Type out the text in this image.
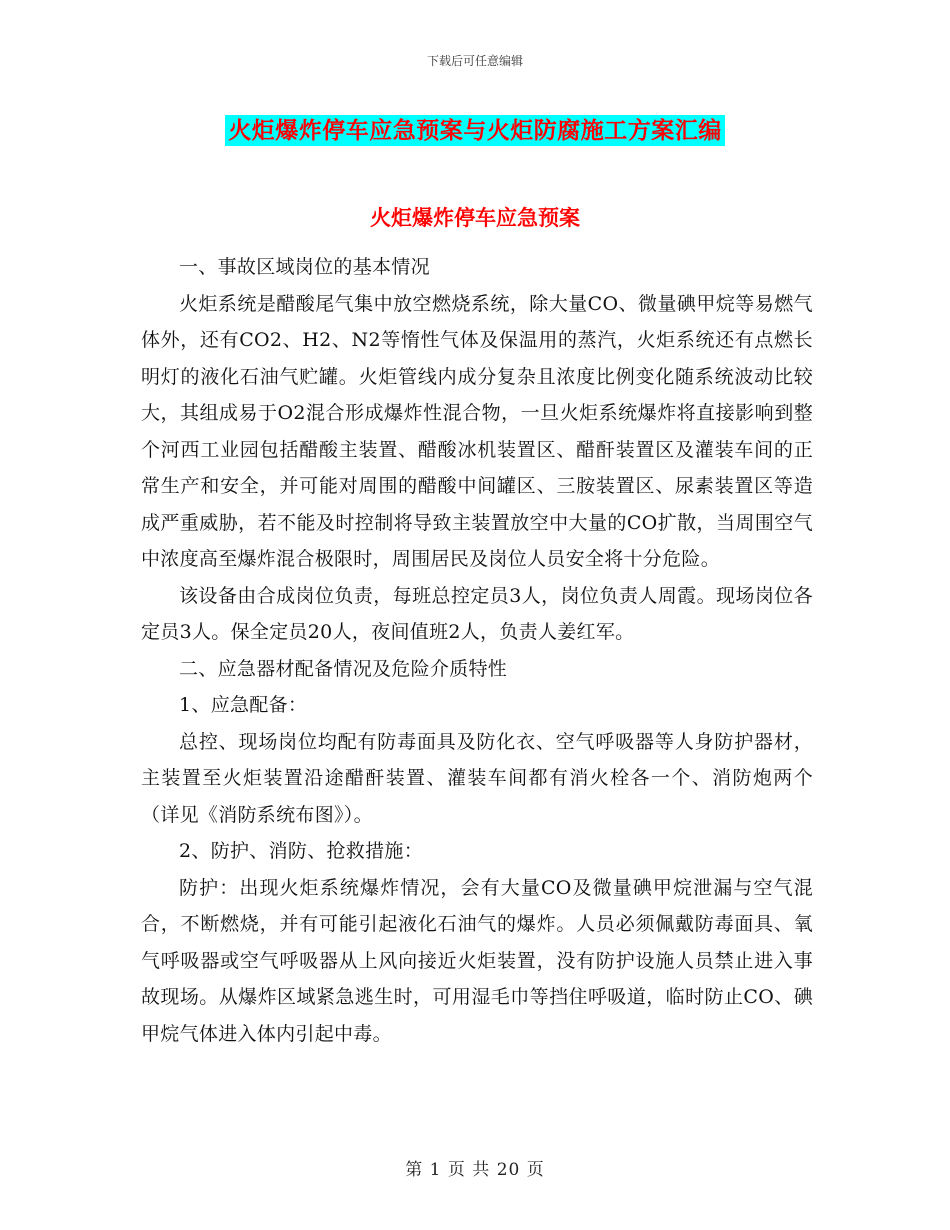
下载后可任意编辑
火炬爆炸停车应急预案与火炬防腐施工方案汇编
火炬爆炸停车应急预案

一、事故区域岗位的基本情况

火炬系统是醋酸尾气集中放空燃烧系统，除大量CO、微量碘甲烷等易燃气体外，还有CO2、H2、N2等惰性气体及保温用的蒸汽，火炬系统还有点燃长明灯的液化石油气贮罐。火炬管线内成分复杂且浓度比例变化随系统波动比较大，其组成易于O2混合形成爆炸性混合物，一旦火炬系统爆炸将直接影响到整个河西工业园包括醋酸主装置、醋酸冰机装置区、醋酐装置区及灌装车间的正常生产和安全，并可能对周围的醋酸中间罐区、三胺装置区、尿素装置区等造成严重威胁，若不能及时控制将导致主装置放空中大量的CO扩散，当周围空气中浓度高至爆炸混合极限时，周围居民及岗位人员安全将十分危险。

该设备由合成岗位负责，每班总控定员3人，岗位负责人周霞。现场岗位各定员3人。保全定员20人，夜间值班2人，负责人姜红军。

二、应急器材配备情况及危险介质特性

1、应急配备：

总控、现场岗位均配有防毒面具及防化衣、空气呼吸器等人身防护器材，主装置至火炬装置沿途醋酐装置、灌装车间都有消火栓各一个、消防炮两个（详见《消防系统布图》）。

2、防护、消防、抢救措施：

防护：出现火炬系统爆炸情况，会有大量CO及微量碘甲烷泄漏与空气混合，不断燃烧，并有可能引起液化石油气的爆炸。人员必须佩戴防毒面具、氧气呼吸器或空气呼吸器从上风向接近火炬装置，没有防护设施人员禁止进入事故现场。从爆炸区域紧急逃生时，可用湿毛巾等挡住呼吸道，临时防止CO、碘甲烷气体进入体内引起中毒。

第 1 页 共 20 页
